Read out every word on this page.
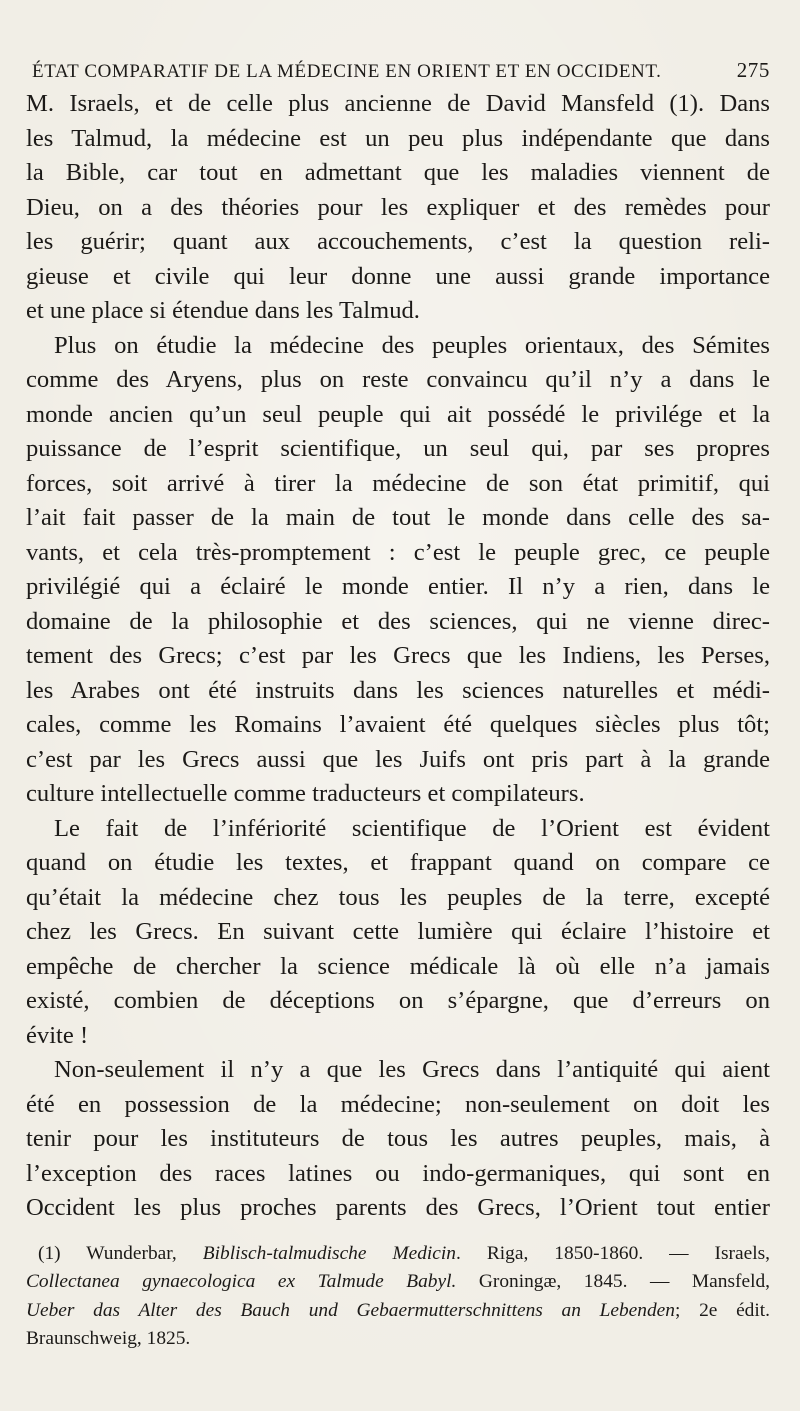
ÉTAT COMPARATIF DE LA MÉDECINE EN ORIENT ET EN OCCIDENT.	275

M. Israels, et de celle plus ancienne de David Mansfeld (1). Dans
les Talmud, la médecine est un peu plus indépendante que dans
la Bible, car tout en admettant que les maladies viennent de
Dieu, on a des théories pour les expliquer et des remèdes pour
les guérir; quant aux accouchements, c’est la question reli-
gieuse et civile qui leur donne une aussi grande importance
et une place si étendue dans les Talmud.

Plus on étudie la médecine des peuples orientaux, des Sémites
comme des Aryens, plus on reste convaincu qu’il n’y a dans le
monde ancien qu’un seul peuple qui ait possédé le privilége et la
puissance de l’esprit scientifique, un seul qui, par ses propres
forces, soit arrivé à tirer la médecine de son état primitif, qui
l’ait fait passer de la main de tout le monde dans celle des sa-
vants, et cela très-promptement : c’est le peuple grec, ce peuple
privilégié qui a éclairé le monde entier. Il n’y a rien, dans le
domaine de la philosophie et des sciences, qui ne vienne direc-
tement des Grecs; c’est par les Grecs que les Indiens, les Perses,
les Arabes ont été instruits dans les sciences naturelles et médi-
cales, comme les Romains l’avaient été quelques siècles plus tôt;
c’est par les Grecs aussi que les Juifs ont pris part à la grande
culture intellectuelle comme traducteurs et compilateurs.

Le fait de l’infériorité scientifique de l’Orient est évident
quand on étudie les textes, et frappant quand on compare ce
qu’était la médecine chez tous les peuples de la terre, excepté
chez les Grecs. En suivant cette lumière qui éclaire l’histoire et
empêche de chercher la science médicale là où elle n’a jamais
existé, combien de déceptions on s’épargne, que d’erreurs on
évite !

Non-seulement il n’y a que les Grecs dans l’antiquité qui aient
été en possession de la médecine; non-seulement on doit les
tenir pour les instituteurs de tous les autres peuples, mais, à
l’exception des races latines ou indo-germaniques, qui sont en
Occident les plus proches parents des Grecs, l’Orient tout entier

(1) Wunderbar, Biblisch-talmudische Medicin. Riga, 1850-1860. — Israels,
Collectanea gynaecologica ex Talmude Babyl. Groningæ, 1845. — Mansfeld,
Ueber das Alter des Bauch und Gebaermutterschnittens an Lebenden; 2e édit.
Braunschweig, 1825.
